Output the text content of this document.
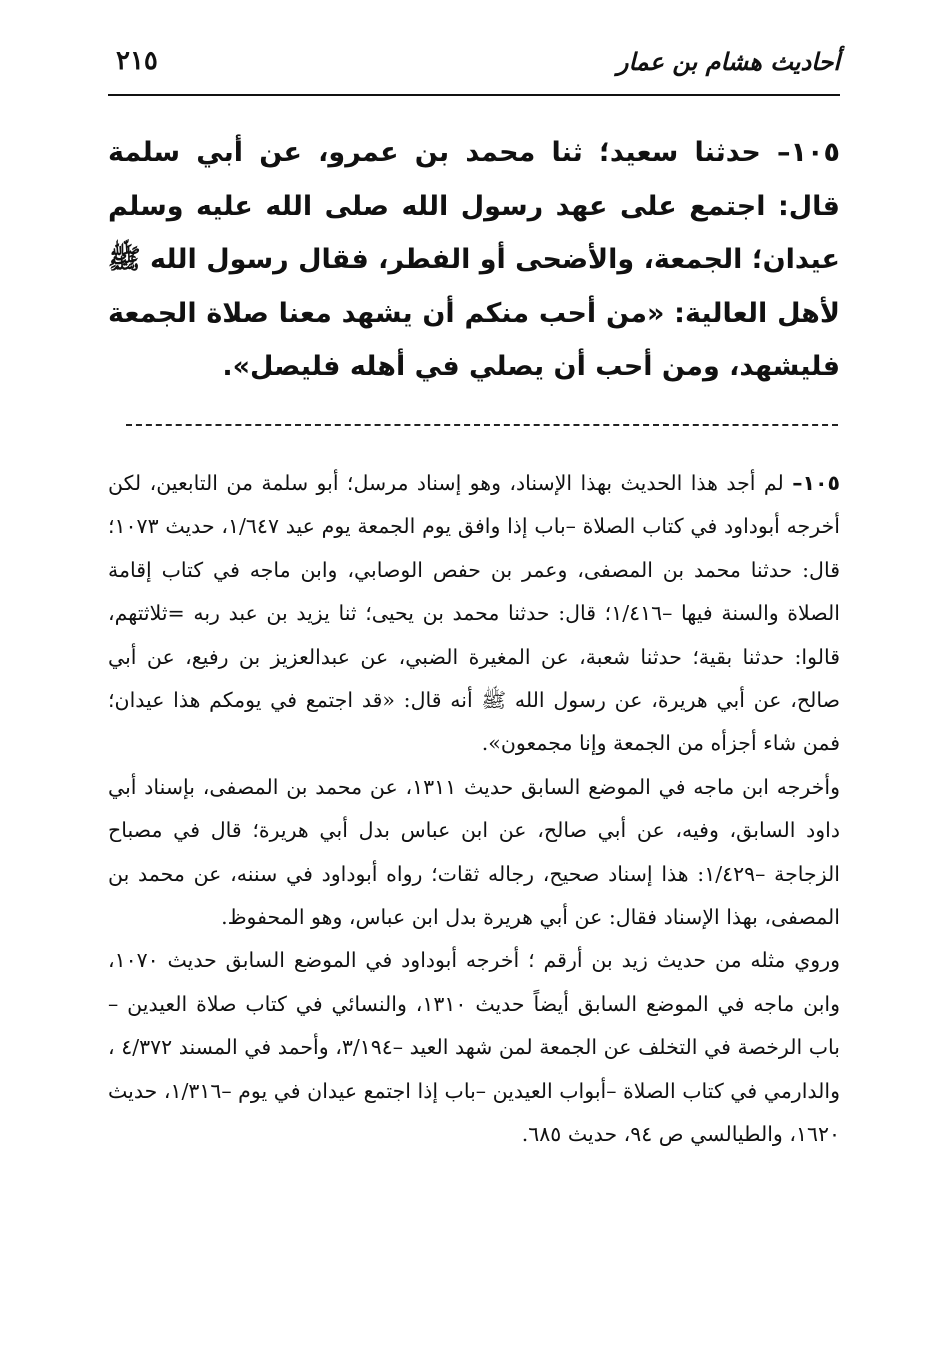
أحاديث هشام بن عمار
٢١٥

١٠٥– حدثنا سعيد؛ ثنا محمد بن عمرو، عن أبي سلمة قال: اجتمع على عهد رسول الله صلى الله عليه وسلم عيدان؛ الجمعة، والأضحى أو الفطر، فقال رسول الله ﷺ لأهل العالية: «من أحب منكم أن يشهد معنا صلاة الجمعة فليشهد، ومن أحب أن يصلي في أهله فليصل».

١٠٥– لم أجد هذا الحديث بهذا الإسناد، وهو إسناد مرسل؛ أبو سلمة من التابعين، لكن أخرجه أبوداود في كتاب الصلاة –باب إذا وافق يوم الجمعة يوم عيد ١/٦٤٧، حديث ١٠٧٣؛ قال: حدثنا محمد بن المصفى، وعمر بن حفص الوصابي، وابن ماجه في كتاب إقامة الصلاة والسنة فيها –١/٤١٦؛ قال: حدثنا محمد بن يحيى؛ ثنا يزيد بن عبد ربه =ثلاثتهم، قالوا: حدثنا بقية؛ حدثنا شعبة، عن المغيرة الضبي، عن عبدالعزيز بن رفيع، عن أبي صالح، عن أبي هريرة، عن رسول الله ﷺ أنه قال: «قد اجتمع في يومكم هذا عيدان؛ فمن شاء أجزأه من الجمعة وإنا مجمعون».

وأخرجه ابن ماجه في الموضع السابق حديث ١٣١١، عن محمد بن المصفى، بإسناد أبي داود السابق، وفيه، عن أبي صالح، عن ابن عباس بدل أبي هريرة؛ قال في مصباح الزجاجة –١/٤٢٩: هذا إسناد صحيح، رجاله ثقات؛ رواه أبوداود في سننه، عن محمد بن المصفى، بهذا الإسناد فقال: عن أبي هريرة بدل ابن عباس، وهو المحفوظ.

وروي مثله من حديث زيد بن أرقم ؛ أخرجه أبوداود في الموضع السابق حديث ١٠٧٠، وابن ماجه في الموضع السابق أيضاً حديث ١٣١٠، والنسائي في كتاب صلاة العيدين –باب الرخصة في التخلف عن الجمعة لمن شهد العيد –٣/١٩٤، وأحمد في المسند ٤/٣٧٢ ، والدارمي في كتاب الصلاة –أبواب العيدين –باب إذا اجتمع عيدان في يوم –١/٣١٦، حديث ١٦٢٠، والطيالسي ص ٩٤، حديث ٦٨٥.
